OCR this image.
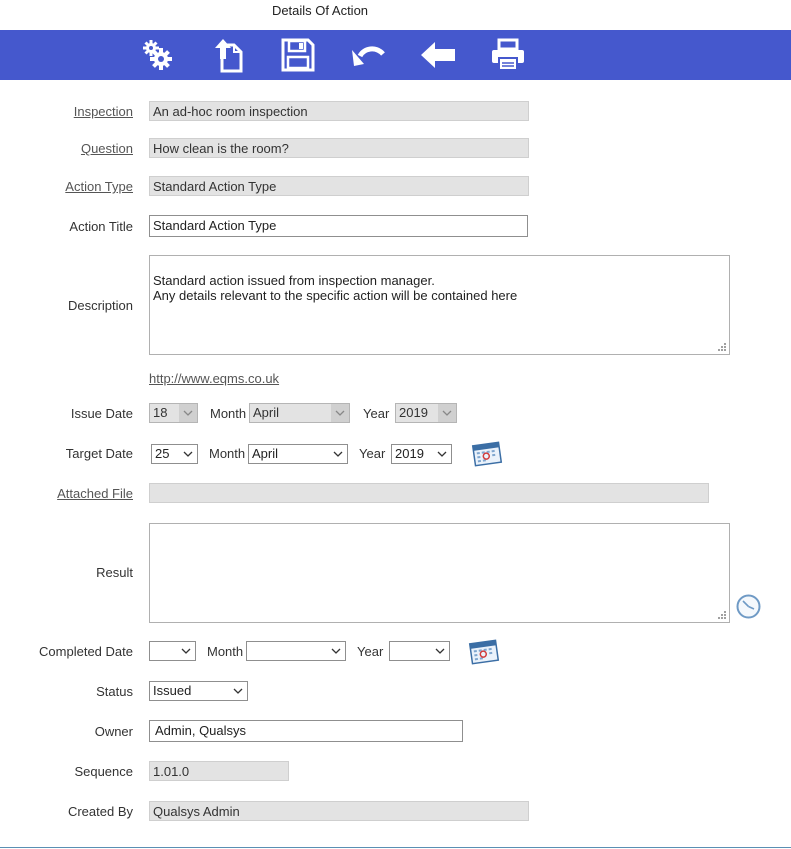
Details Of Action
Inspection	An ad-hoc room inspection
Question	How clean is the room?
Action Type	Standard Action Type
Action Title	Standard Action Type
Description

Standard action issued from inspection manager.
Any details relevant to the specific action will be contained here

http://www.eqms.co.uk
Issue Date	18	Month April	Year 2019
Target Date	25	Month April	Year 2019
Attached File
Result

Completed Date	Month	Year
Status	Issued
Owner	Admin, Qualsys
Sequence	1.01.0
Created By	Qualsys Admin
